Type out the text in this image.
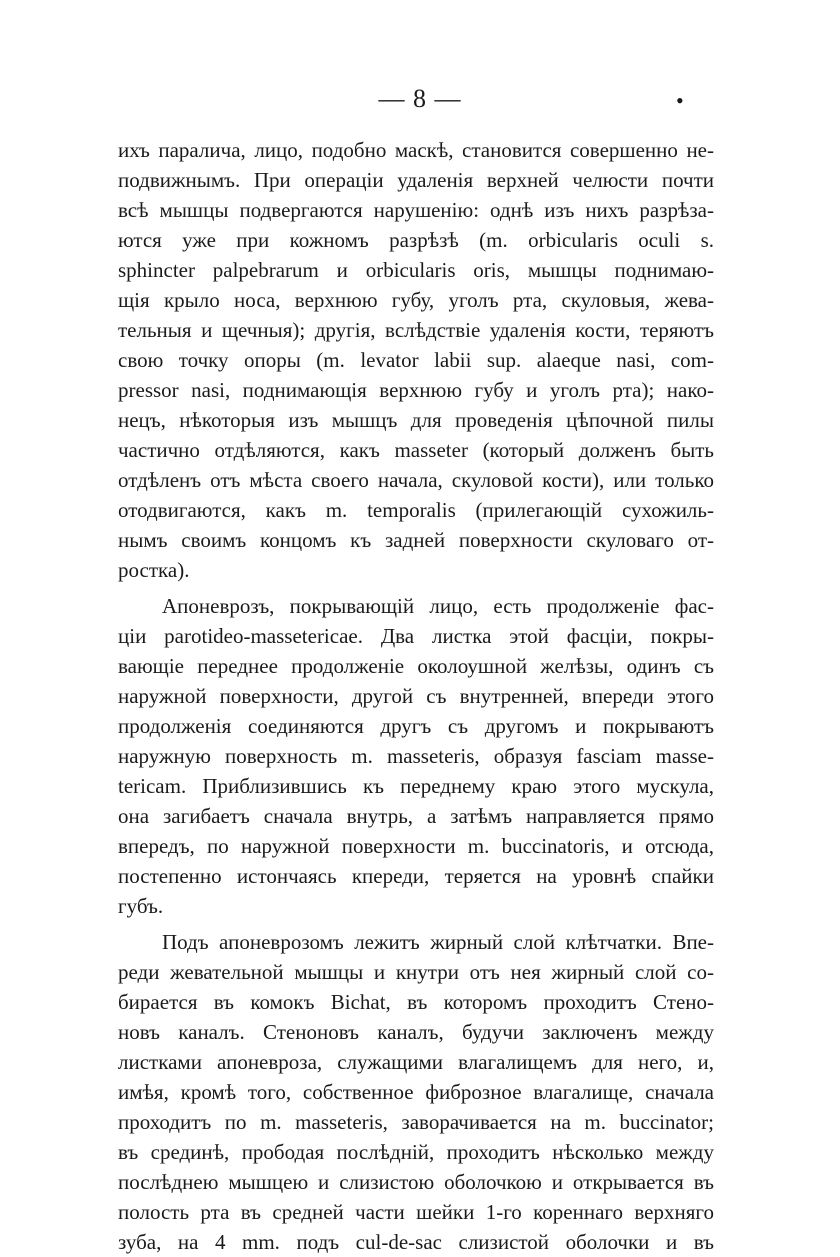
— 8 —	•
ихъ паралича, лицо, подобно маскѣ, становится совершенно не-
подвижнымъ. При операціи удаленія верхней челюсти почти
всѣ мышцы подвергаются нарушенію: однѣ изъ нихъ разрѣза-
ются уже при кожномъ разрѣзѣ (m. orbicularis oculi s.
sphincter palpebrarum и orbicularis oris, мышцы поднимаю-
щія крыло носа, верхнюю губу, уголъ рта, скуловыя, жева-
тельныя и щечныя); другія, вслѣдствіе удаленія кости, теряютъ
свою точку опоры (m. levator labii sup. alaeque nasi, com-
pressor nasi, поднимающія верхнюю губу и уголъ рта); нако-
нецъ, нѣкоторыя изъ мышцъ для проведенія цѣпочной пилы
частично отдѣляются, какъ masseter (который долженъ быть
отдѣленъ отъ мѣста своего начала, скуловой кости), или только
отодвигаются, какъ m. temporalis (прилегающій сухожиль-
нымъ своимъ концомъ къ задней поверхности скуловаго от-
ростка).
Апоневрозъ, покрывающій лицо, есть продолженіе фас-
ціи parotideo-massetericae. Два листка этой фасціи, покры-
вающіе переднее продолженіе околоушной желѣзы, одинъ съ
наружной поверхности, другой съ внутренней, впереди этого
продолженія соединяются другъ съ другомъ и покрываютъ
наружную поверхность m. masseteris, образуя fasciam masse-
tericam. Приблизившись къ переднему краю этого мускула,
она загибаетъ сначала внутрь, а затѣмъ направляется прямо
впередъ, по наружной поверхности m. buccinatoris, и отсюда,
постепенно истончаясь кпереди, теряется на уровнѣ спайки
губъ.
Подъ апоневрозомъ лежитъ жирный слой клѣтчатки. Впе-
реди жевательной мышцы и кнутри отъ нея жирный слой со-
бирается въ комокъ Bichat, въ которомъ проходитъ Стено-
новъ каналъ. Стеноновъ каналъ, будучи заключенъ между
листками апоневроза, служащими влагалищемъ для него, и,
имѣя, кромѣ того, собственное фиброзное влагалище, сначала
проходитъ по m. masseteris, заворачивается на m. buccinator;
въ срединѣ, прободая послѣдній, проходитъ нѣсколько между
послѣднею мышцею и слизистою оболочкою и открывается въ
полость рта въ средней части шейки 1-го кореннаго верхняго
зуба, на 4 mm. подъ cul-de-sac слизистой оболочки и въ
